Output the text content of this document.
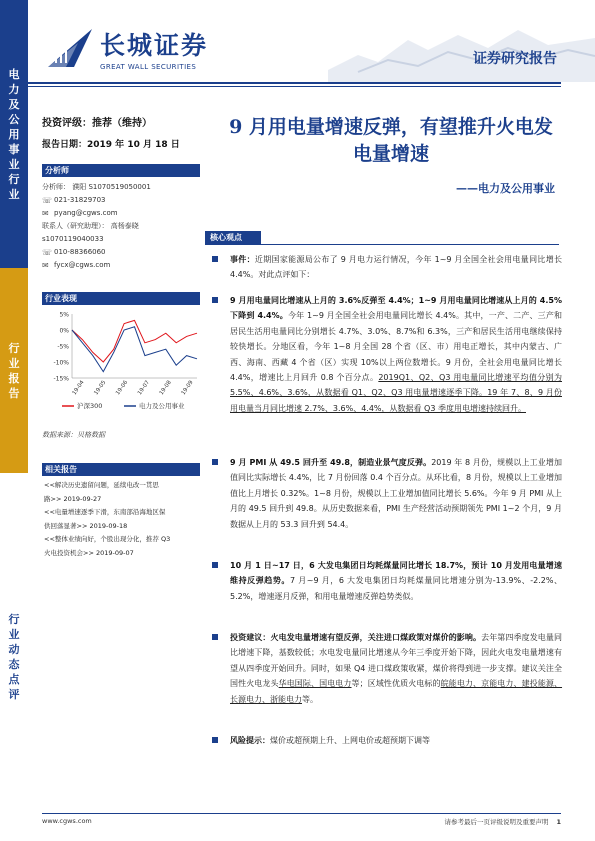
电
力
及
公
用
事
业
行
业
行
业
报
告
行
业
动
态
点
评
长城证券
GREAT WALL SECURITIES	证券研究报告
投资评级：推荐（维持）
报告日期：2019 年 10 月 18 日
分析师
分析师： 濮阳 S1070519050001
☏ 021-31829703
✉ pyang@cgws.com
联系人（研究助理）： 高杨泰晓
s1070119040033
☏ 010-88366060
✉ fycx@cgws.com
行业表现
5%
0%
-5%
-10%
-15%
19-04 19-05 19-06 19-07 19-08 19-09
沪深300	电力及公用事业
数据来源：贝格数据
相关报告
<<解决历史遗留问题，延续电改一贯思
路>> 2019-09-27
<<电量增速逐季下滑，东南部沿海地区保
供回落显著>> 2019-09-18
<<整体业绩向好，个股出现分化，推荐 Q3
火电投资机会>> 2019-09-07
9 月用电量增速反弹，有望推升火电发
电量增速
——电力及公用事业
核心观点
事件：近期国家能源局公布了 9 月电力运行情况，今年 1~9 月全国全社会用电量同比增长 4.4%。对此点评如下：
9 月用电量同比增速从上月的 3.6%反弹至 4.4%；1~9 月用电量同比增速从上月的 4.5%下降到 4.4%。今年 1~9 月全国全社会用电量同比增长 4.4%。其中，一产、二产、三产和居民生活用电量同比分别增长 4.7%、3.0%、8.7%和 6.3%，三产和居民生活用电继续保持较快增长。分地区看，今年 1~8 月全国 28 个省（区、市）用电正增长，其中内蒙古、广西、海南、西藏 4 个省（区）实现 10%以上两位数增长。9 月份，全社会用电量同比增长 4.4%，增速比上月回升 0.8 个百分点。2019Q1、Q2、Q3 用电量同比增速平均值分别为 5.5%、4.6%、3.6%，从数据看 Q1、Q2、Q3 用电量增速逐季下降。19 年 7、8、9 月份用电量当月同比增速 2.7%、3.6%、4.4%，从数据看 Q3 季度用电增速持续回升。
9 月 PMI 从 49.5 回升至 49.8，制造业景气度反弹。2019 年 8 月份，规模以上工业增加值同比实际增长 4.4%，比 7 月份回落 0.4 个百分点。从环比看，8 月份，规模以上工业增加值比上月增长 0.32%。1~8 月份，规模以上工业增加值同比增长 5.6%。今年 9 月 PMI 从上月的 49.5 回升到 49.8。从历史数据来看，PMI 生产经营活动预期领先 PMI 1~2 个月，9 月数据从上月的 53.3 回升到 54.4。
10 月 1 日~17 日，6 大发电集团日均耗煤量同比增长 18.7%，预计 10 月发用电量增速维持反弹趋势。7 月~9 月，6 大发电集团日均耗煤量同比增速分别为-13.9%、-2.2%、5.2%，增速逐月反弹，和用电量增速反弹趋势类似。
投资建议：火电发电量增速有望反弹，关注进口煤政策对煤价的影响。去年第四季度发电量同比增速下降，基数较低；水电发电量同比增速从今年三季度开始下降，因此火电发电量增速有望从四季度开始回升。同时，如果 Q4 进口煤政策收紧，煤价将得到进一步支撑。建议关注全国性火电龙头华电国际、国电电力等；区域性优质火电标的皖能电力、京能电力、建投能源、长源电力、浙能电力等。
风险提示：煤价或超预期上升、上网电价或超预期下调等
www.cgws.com	请参考最后一页评级说明及重要声明 1
